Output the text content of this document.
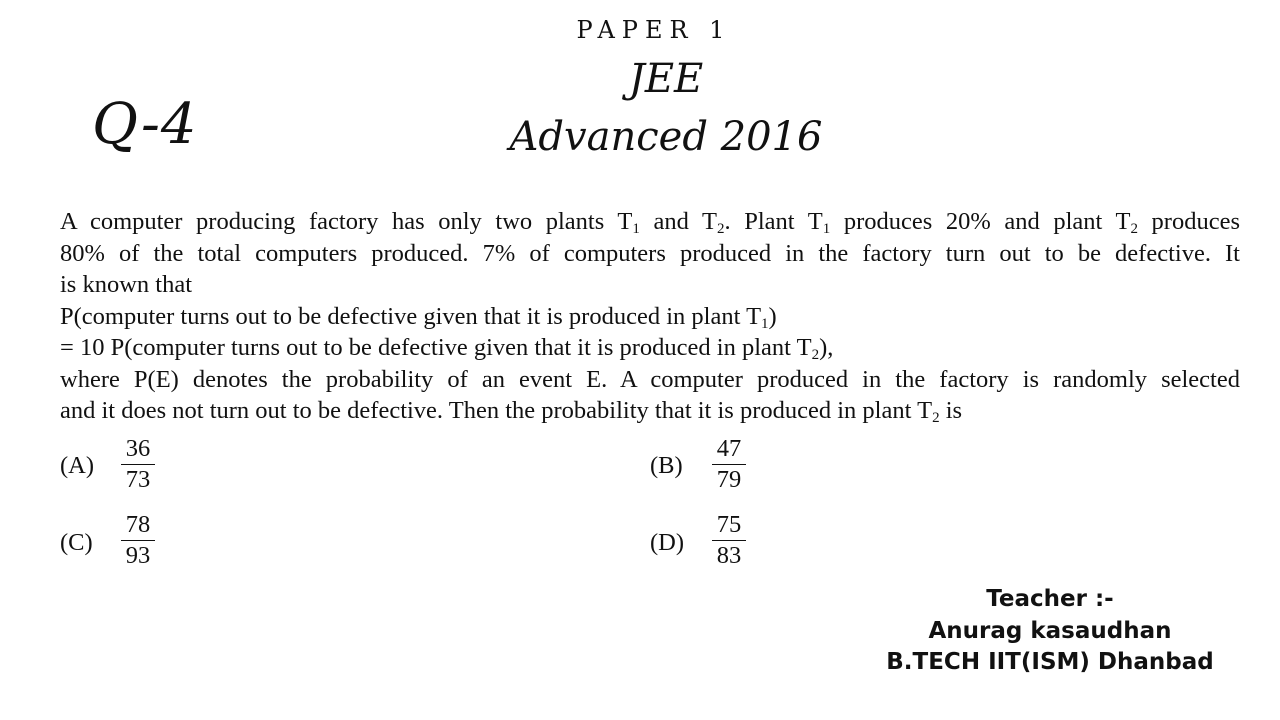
PAPER 1
JEE
Advanced 2016
Q-4
A computer producing factory has only two plants $T_1$ and $T_2$. Plant $T_1$ produces 20% and plant $T_2$ produces
80% of the total computers produced. 7% of computers produced in the factory turn out to be defective. It
is known that
P(computer turns out to be defective given that it is produced in plant $T_1$)
= 10 P(computer turns out to be defective given that it is produced in plant $T_2$),
where P(E) denotes the probability of an event E. A computer produced in the factory is randomly selected
and it does not turn out to be defective. Then the probability that it is produced in plant $T_2$ is
(A)
36
73
(B)
47
79
(C)
78
93	(D)
75
83
Teacher :-
Anurag kasaudhan
B.TECH IIT(ISM) Dhanbad
